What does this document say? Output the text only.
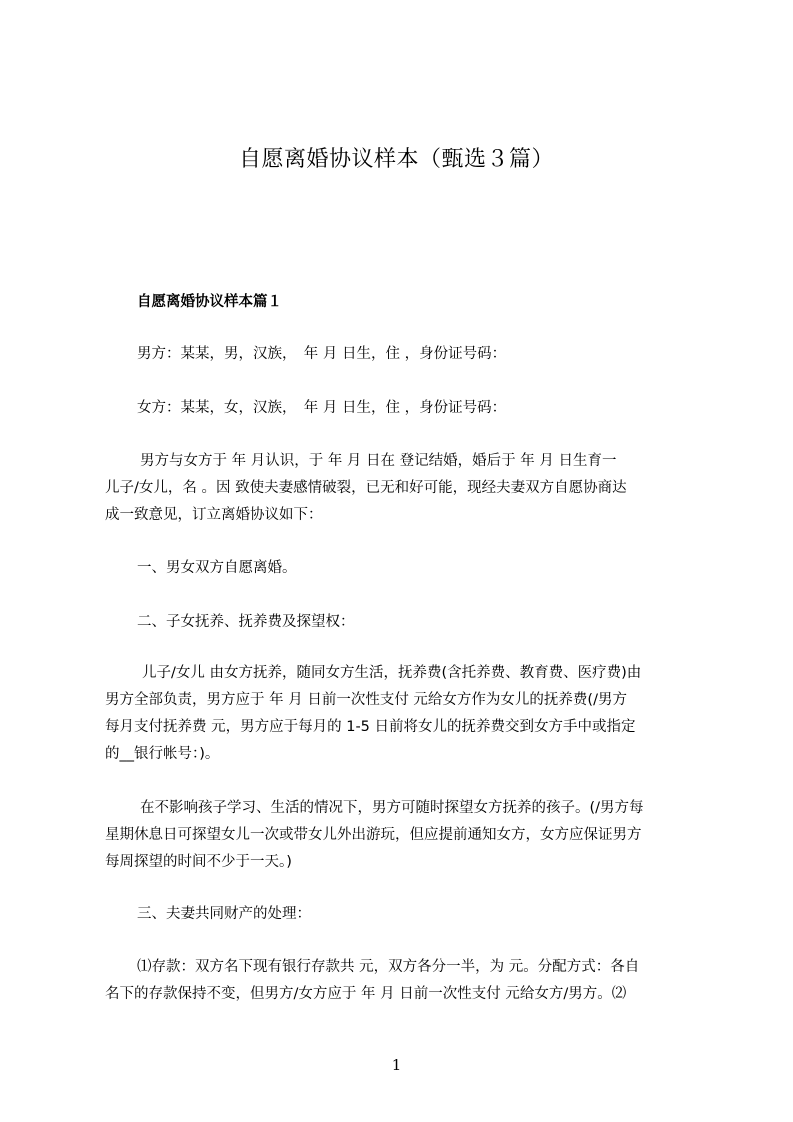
自愿离婚协议样本（甄选３篇）
自愿离婚协议样本篇１
男方：某某，男，汉族，　年 月 日生，住 ，身份证号码：
女方：某某，女，汉族，　年 月 日生，住 ，身份证号码：
男方与女方于 年 月认识，于 年 月 日在 登记结婚，婚后于 年 月 日生育一
儿子/女儿，名 。因 致使夫妻感情破裂，已无和好可能，现经夫妻双方自愿协商达
成一致意见，订立离婚协议如下：
一、男女双方自愿离婚。
二、子女抚养、抚养费及探望权：
儿子/女儿 由女方抚养，随同女方生活，抚养费(含托养费、教育费、医疗费)由
男方全部负责，男方应于 年 月 日前一次性支付 元给女方作为女儿的抚养费(/男方
每月支付抚养费 元，男方应于每月的 1-5 日前将女儿的抚养费交到女方手中或指定
的__银行帐号：)。
在不影响孩子学习、生活的情况下，男方可随时探望女方抚养的孩子。(/男方每
星期休息日可探望女儿一次或带女儿外出游玩，但应提前通知女方，女方应保证男方
每周探望的时间不少于一天。)
三、夫妻共同财产的处理：
⑴存款：双方名下现有银行存款共 元，双方各分一半，为 元。分配方式：各自
名下的存款保持不变，但男方/女方应于 年 月 日前一次性支付 元给女方/男方。⑵
1
